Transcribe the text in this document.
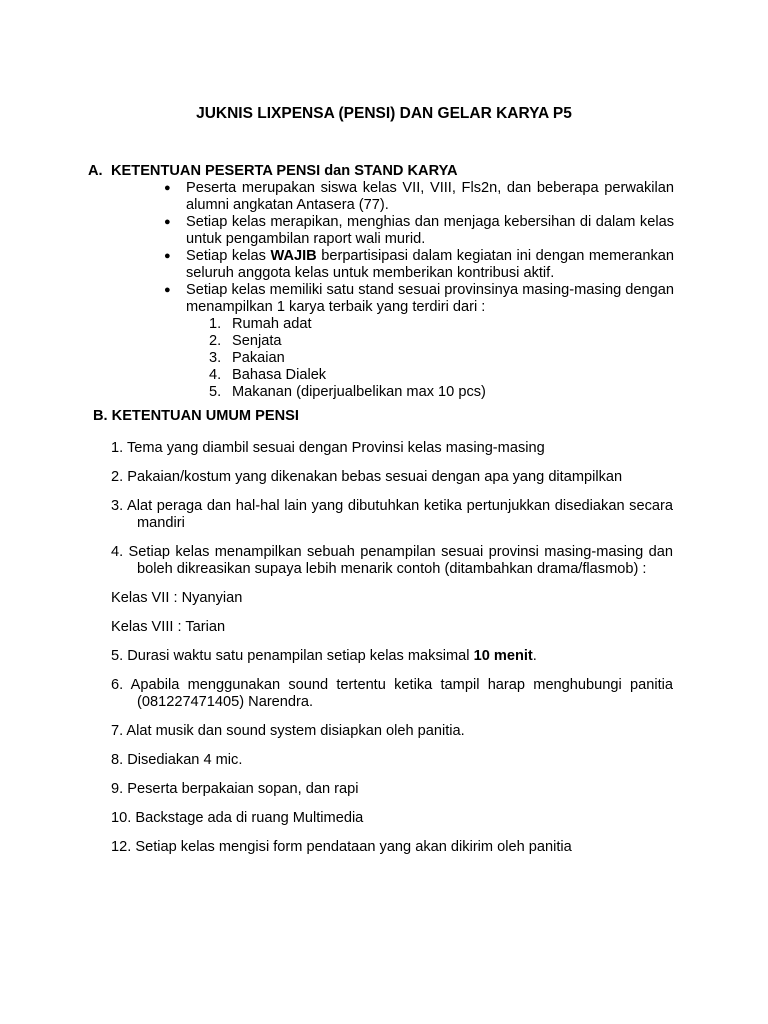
JUKNIS LIXPENSA (PENSI) DAN GELAR KARYA P5
A. KETENTUAN PESERTA PENSI dan STAND KARYA
● Peserta merupakan siswa kelas VII, VIII, Fls2n, dan beberapa perwakilan alumni angkatan Antasera (77).
● Setiap kelas merapikan, menghias dan menjaga kebersihan di dalam kelas untuk pengambilan raport wali murid.
● Setiap kelas WAJIB berpartisipasi dalam kegiatan ini dengan memerankan seluruh anggota kelas untuk memberikan kontribusi aktif.
● Setiap kelas memiliki satu stand sesuai provinsinya masing-masing dengan menampilkan 1 karya terbaik yang terdiri dari :
1. Rumah adat
2. Senjata
3. Pakaian
4. Bahasa Dialek
5. Makanan (diperjualbelikan max 10 pcs)
B. KETENTUAN UMUM PENSI
1. Tema yang diambil sesuai dengan Provinsi kelas masing-masing
2. Pakaian/kostum yang dikenakan bebas sesuai dengan apa yang ditampilkan
3. Alat peraga dan hal-hal lain yang dibutuhkan ketika pertunjukkan disediakan secara mandiri
4. Setiap kelas menampilkan sebuah penampilan sesuai provinsi masing-masing dan boleh dikreasikan supaya lebih menarik contoh (ditambahkan drama/flasmob) :
Kelas VII : Nyanyian
Kelas VIII : Tarian
5. Durasi waktu satu penampilan setiap kelas maksimal 10 menit.
6. Apabila menggunakan sound tertentu ketika tampil harap menghubungi panitia (081227471405) Narendra.
7. Alat musik dan sound system disiapkan oleh panitia.
8. Disediakan 4 mic.
9. Peserta berpakaian sopan, dan rapi
10. Backstage ada di ruang Multimedia
12. Setiap kelas mengisi form pendataan yang akan dikirim oleh panitia
